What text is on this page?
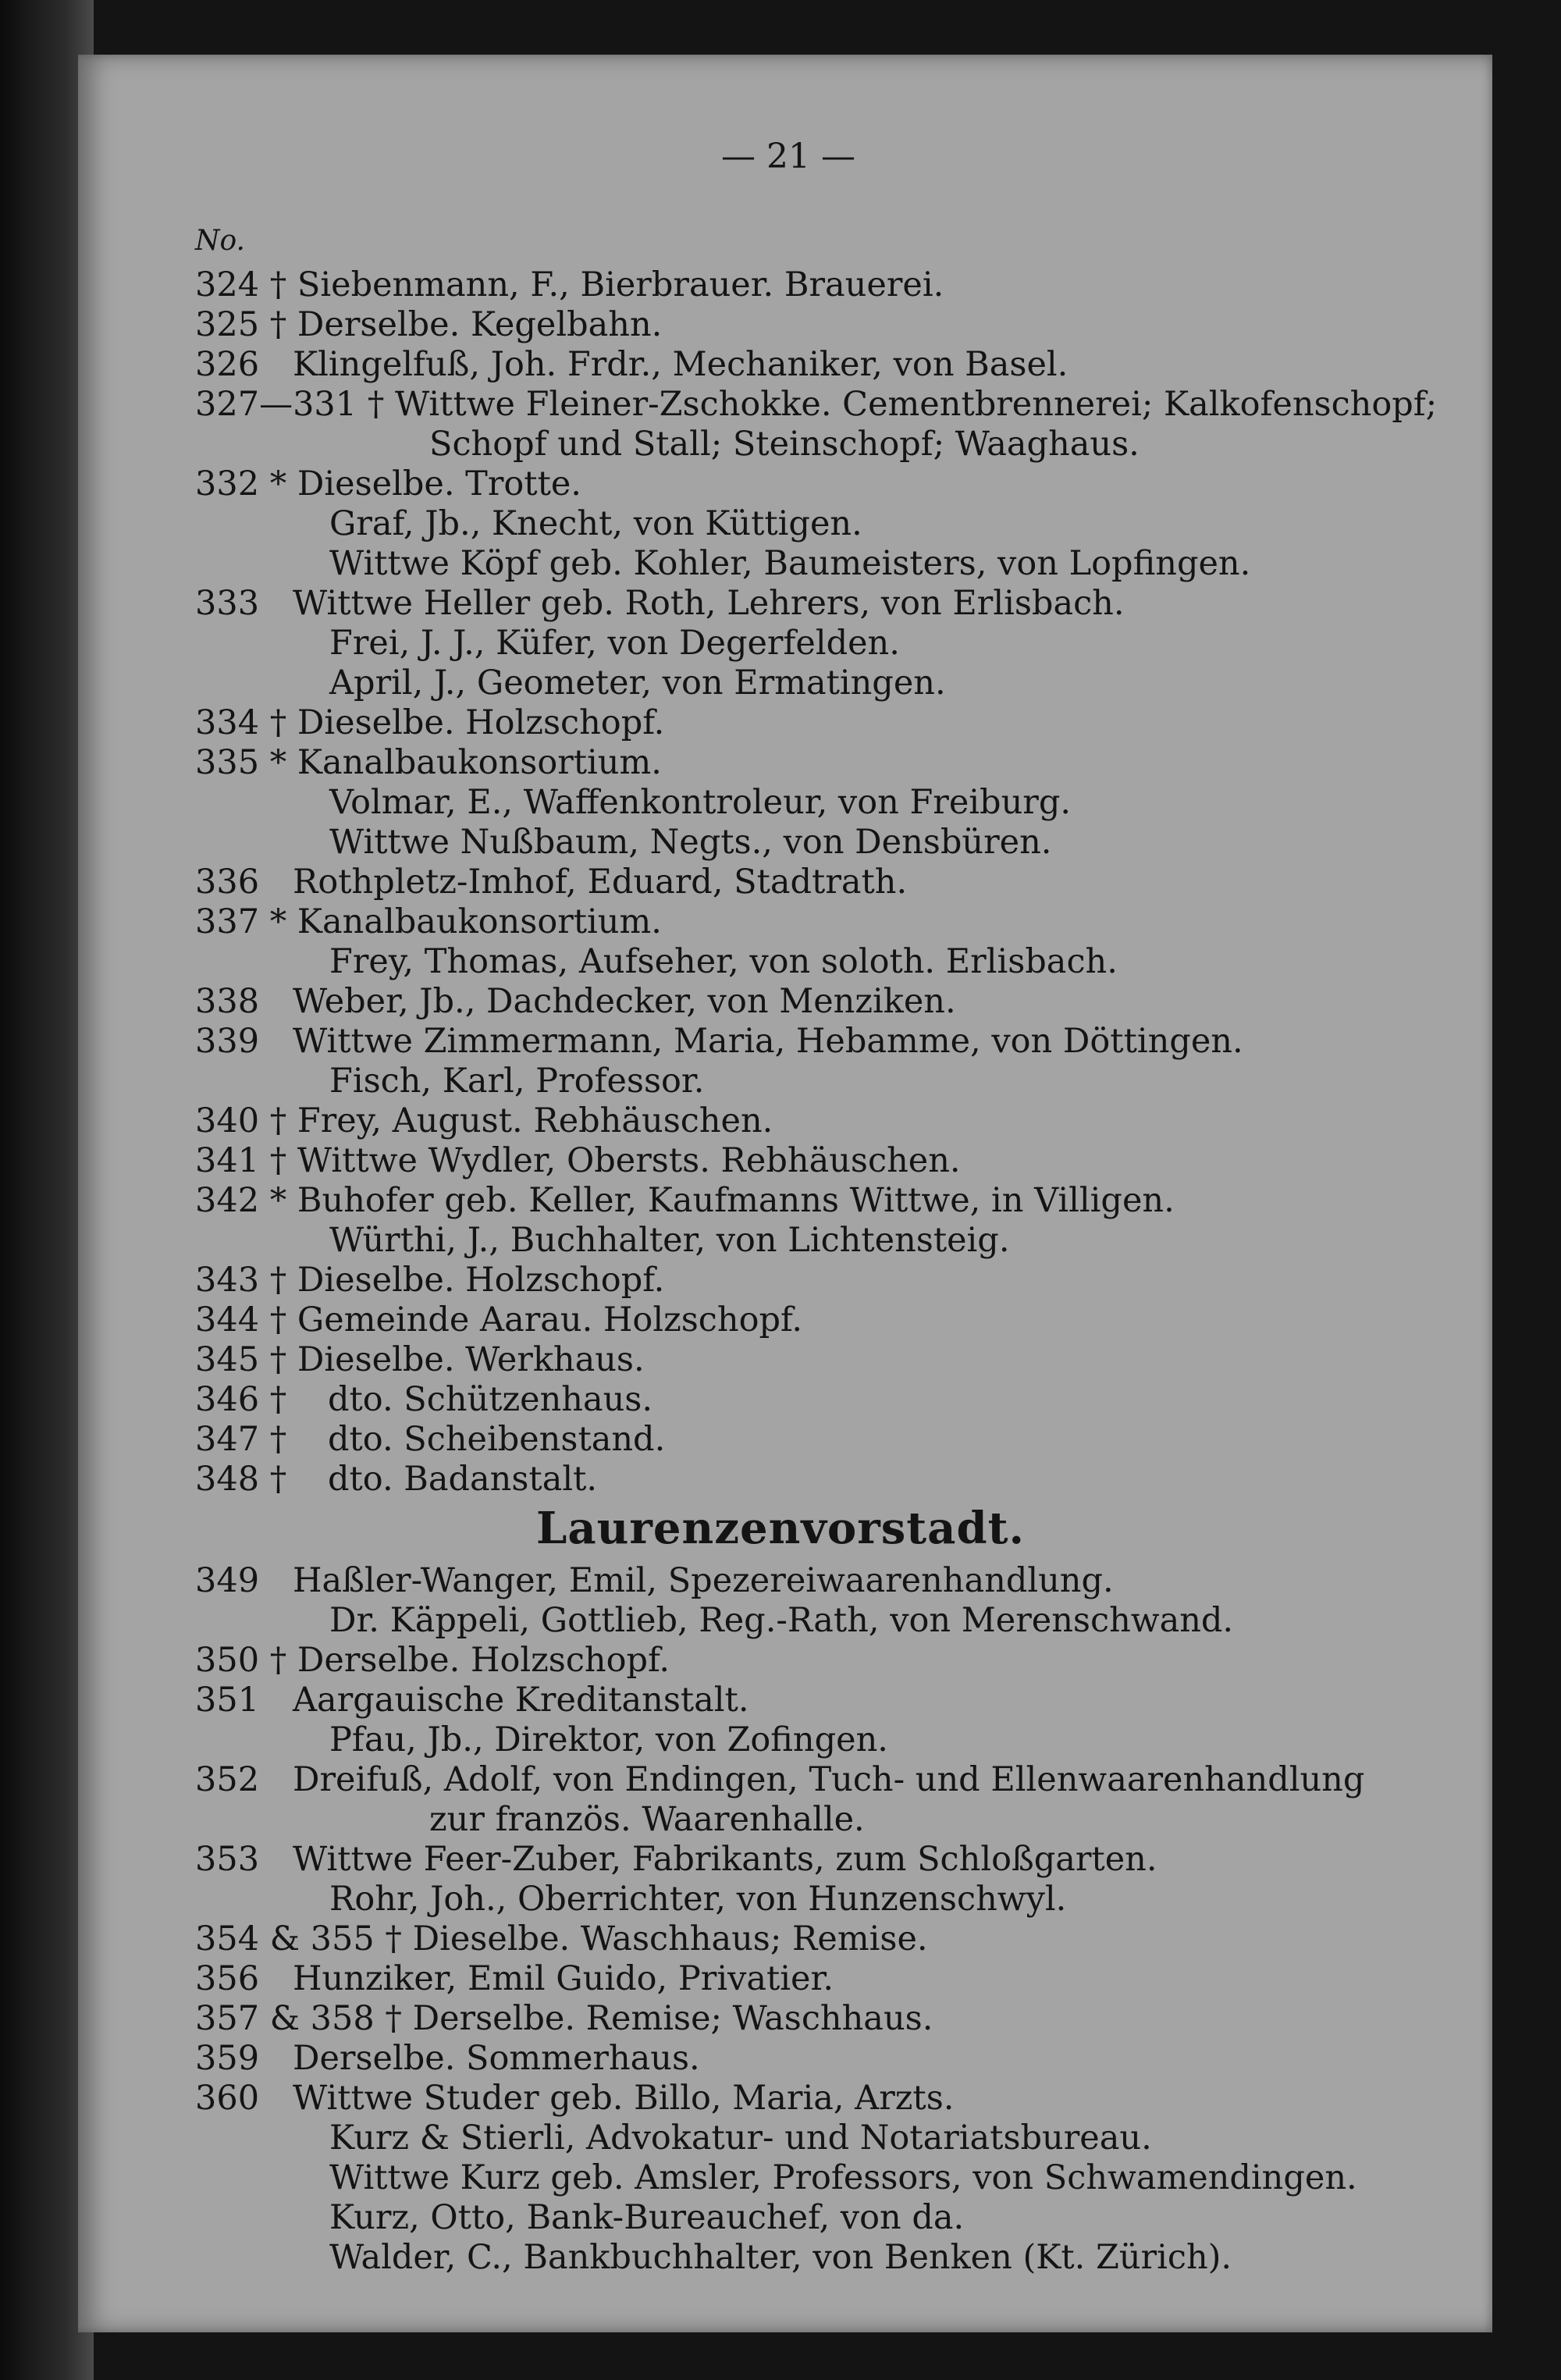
— 21 —
No.
324 † Siebenmann, F., Bierbrauer. Brauerei.
325 † Derselbe. Kegelbahn.
326 Klingelfuß, Joh. Frdr., Mechaniker, von Basel.
327—331 † Wittwe Fleiner-Zschokke. Cementbrennerei; Kalkofenschopf;
Schopf und Stall; Steinschopf; Waaghaus.
332 * Dieselbe. Trotte.
Graf, Jb., Knecht, von Küttigen.
Wittwe Köpf geb. Kohler, Baumeisters, von Lopfingen.
333 Wittwe Heller geb. Roth, Lehrers, von Erlisbach.
Frei, J. J., Küfer, von Degerfelden.
April, J., Geometer, von Ermatingen.
334 † Dieselbe. Holzschopf.
335 * Kanalbaukonsortium.
Volmar, E., Waffenkontroleur, von Freiburg.
Wittwe Nußbaum, Negts., von Densbüren.
336 Rothpletz-Imhof, Eduard, Stadtrath.
337 * Kanalbaukonsortium.
Frey, Thomas, Aufseher, von soloth. Erlisbach.
338 Weber, Jb., Dachdecker, von Menziken.
339 Wittwe Zimmermann, Maria, Hebamme, von Döttingen.
Fisch, Karl, Professor.
340 † Frey, August. Rebhäuschen.
341 † Wittwe Wydler, Obersts. Rebhäuschen.
342 * Buhofer geb. Keller, Kaufmanns Wittwe, in Villigen.
Würthi, J., Buchhalter, von Lichtensteig.
343 † Dieselbe. Holzschopf.
344 † Gemeinde Aarau. Holzschopf.
345 † Dieselbe. Werkhaus.
346 † dto. Schützenhaus.
347 † dto. Scheibenstand.
348 † dto. Badanstalt.
349 Haßler-Wanger, Emil, Spezereiwaarenhandlung.
Dr. Käppeli, Gottlieb, Reg.-Rath, von Merenschwand.
350 † Derselbe. Holzschopf.
351 Aargauische Kreditanstalt.
Pfau, Jb., Direktor, von Zofingen.
352 Dreifuß, Adolf, von Endingen, Tuch- und Ellenwaarenhandlung
zur französ. Waarenhalle.
353 Wittwe Feer-Zuber, Fabrikants, zum Schloßgarten.
Rohr, Joh., Oberrichter, von Hunzenschwyl.
354 & 355 † Dieselbe. Waschhaus; Remise.
356 Hunziker, Emil Guido, Privatier.
357 & 358 † Derselbe. Remise; Waschhaus.
359 Derselbe. Sommerhaus.
360 Wittwe Studer geb. Billo, Maria, Arzts.
Kurz & Stierli, Advokatur- und Notariatsbureau.
Wittwe Kurz geb. Amsler, Professors, von Schwamendingen.
Kurz, Otto, Bank-Bureauchef, von da.
Walder, C., Bankbuchhalter, von Benken (Kt. Zürich).
Laurenzenvorstadt.
